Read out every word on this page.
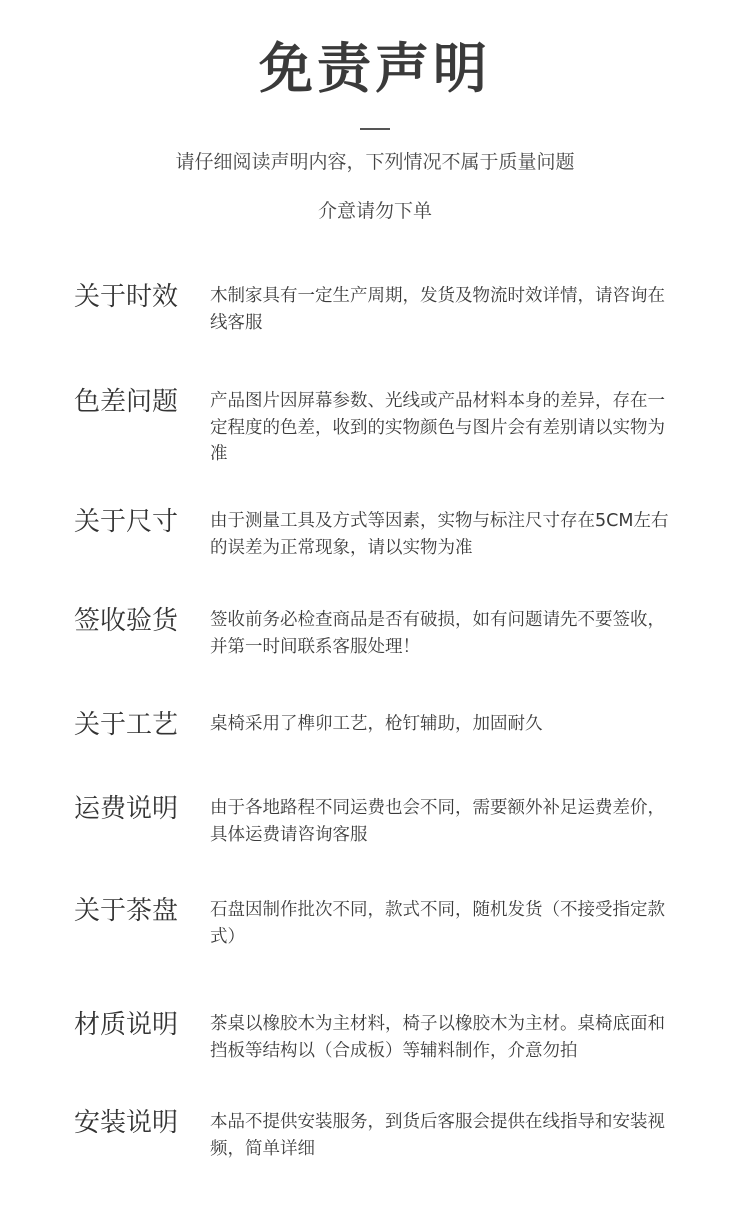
免责声明
请仔细阅读声明内容，下列情况不属于质量问题
介意请勿下单
关于时效	木制家具有一定生产周期，发货及物流时效详情，请咨询在线客服
色差问题	产品图片因屏幕参数、光线或产品材料本身的差异，存在一定程度的色差，收到的实物颜色与图片会有差别请以实物为准
关于尺寸	由于测量工具及方式等因素，实物与标注尺寸存在5CM左右的误差为正常现象，请以实物为准
签收验货	签收前务必检查商品是否有破损，如有问题请先不要签收，并第一时间联系客服处理！
关于工艺	桌椅采用了榫卯工艺，枪钉辅助，加固耐久
运费说明	由于各地路程不同运费也会不同，需要额外补足运费差价，具体运费请咨询客服
关于茶盘	石盘因制作批次不同，款式不同，随机发货（不接受指定款式）
材质说明	茶桌以橡胶木为主材料，椅子以橡胶木为主材。桌椅底面和挡板等结构以（合成板）等辅料制作，介意勿拍
安装说明	本品不提供安装服务，到货后客服会提供在线指导和安装视频，简单详细
